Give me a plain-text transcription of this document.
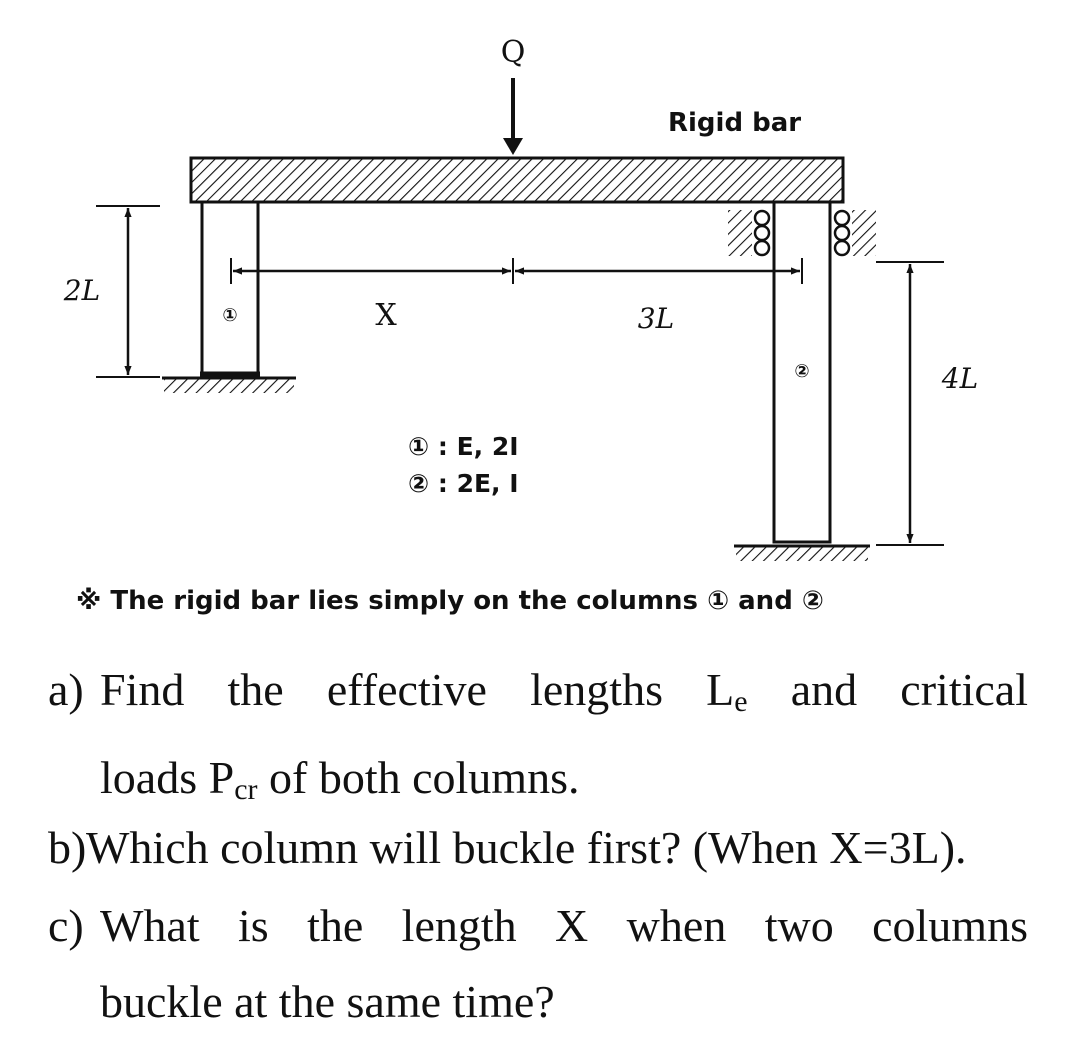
Q
Rigid bar
2L
4L
X	3L
①
②
① : E, 2I
② : 2E, I
※ The rigid bar lies simply on the columns ① and ②
a) Find the effective lengths $L_e$ and critical
loads $P_{cr}$ of both columns.
b) Which column will buckle first? (When X=3L).
c) What is the length X when two columns
buckle at the same time?
